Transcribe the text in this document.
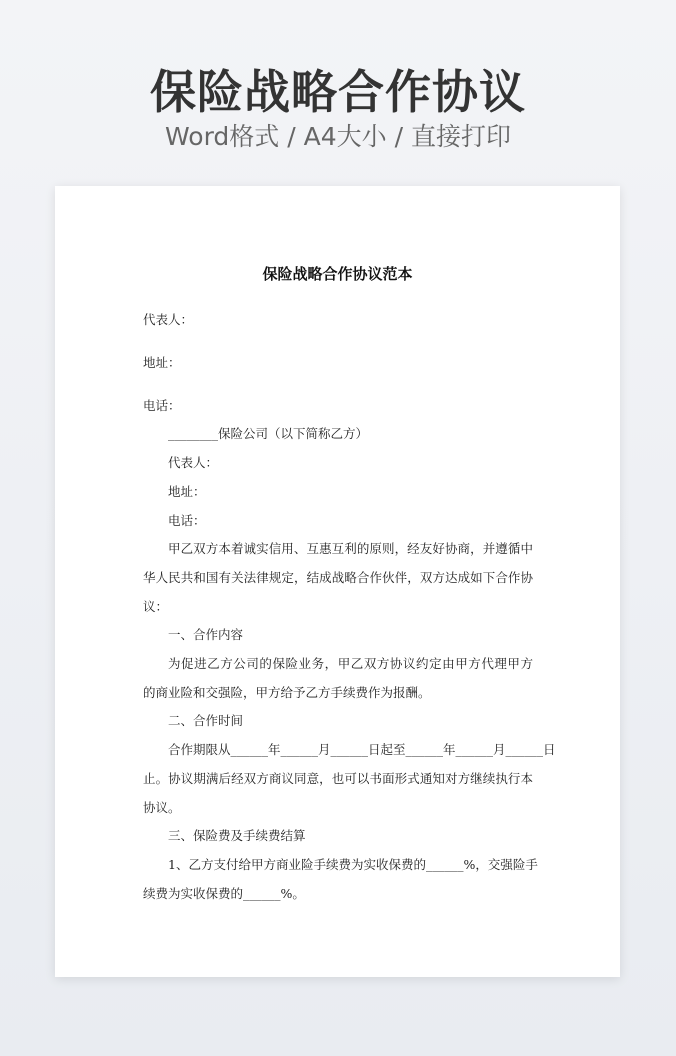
保险战略合作协议
Word格式 / A4大小 / 直接打印
保险战略合作协议范本
代表人：
地址：
电话：
________保险公司（以下简称乙方）
代表人：
地址：
电话：
甲乙双方本着诚实信用、互惠互利的原则，经友好协商，并遵循中
华人民共和国有关法律规定，结成战略合作伙伴，双方达成如下合作协
议：
一、合作内容
为促进乙方公司的保险业务，甲乙双方协议约定由甲方代理甲方
的商业险和交强险，甲方给予乙方手续费作为报酬。
二、合作时间
合作期限从______年______月______日起至______年______月______日
止。协议期满后经双方商议同意，也可以书面形式通知对方继续执行本
协议。
三、保险费及手续费结算
1、乙方支付给甲方商业险手续费为实收保费的______%，交强险手
续费为实收保费的______%。
